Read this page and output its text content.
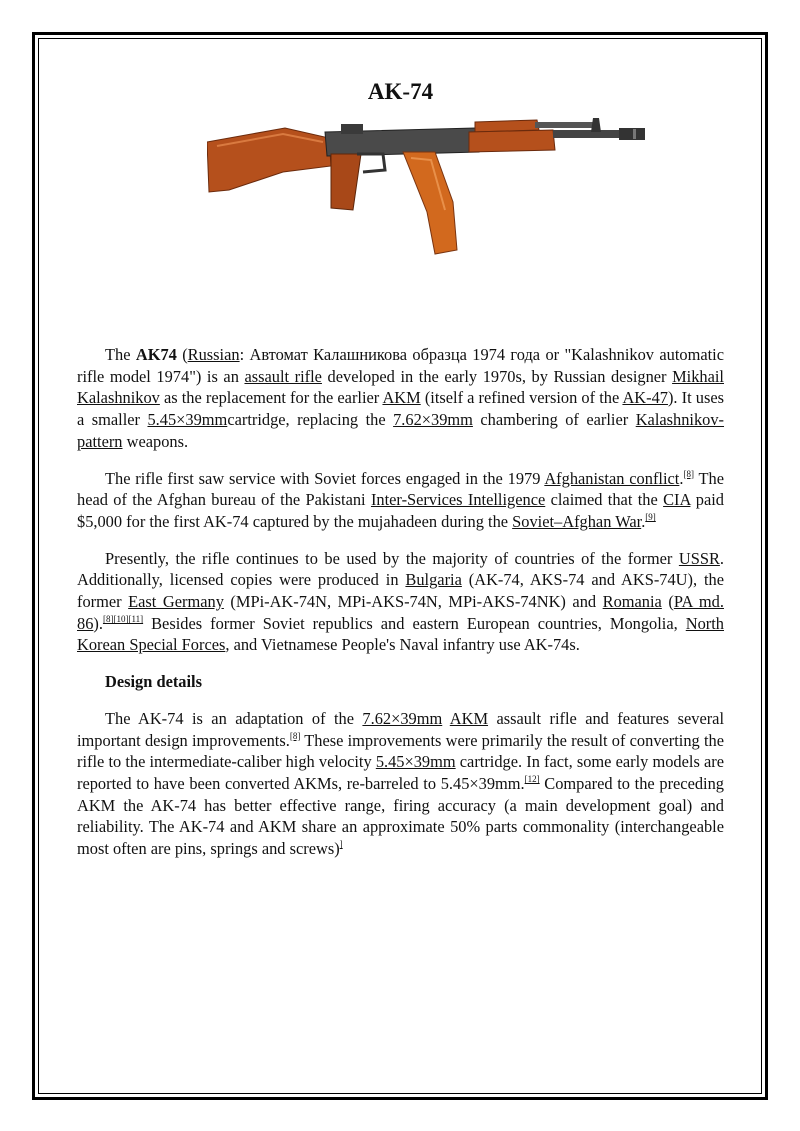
AK-74

The AK74 (Russian: Автомат Калашникова образца 1974 года or "Kalashnikov automatic rifle model 1974") is an assault rifle developed in the early 1970s, by Russian designer Mikhail Kalashnikov as the replacement for the earlier AKM (itself a refined version of the AK-47). It uses a smaller 5.45×39mmcartridge, replacing the 7.62×39mm chambering of earlier Kalashnikov-pattern weapons.

The rifle first saw service with Soviet forces engaged in the 1979 Afghanistan conflict.[8] The head of the Afghan bureau of the Pakistani Inter-Services Intelligence claimed that the CIA paid $5,000 for the first AK-74 captured by the mujahadeen during the Soviet–Afghan War.[9]

Presently, the rifle continues to be used by the majority of countries of the former USSR. Additionally, licensed copies were produced in Bulgaria (AK-74, AKS-74 and AKS-74U), the former East Germany (MPi-AK-74N, MPi-AKS-74N, MPi-AKS-74NK) and Romania (PA md. 86).[8][10][11] Besides former Soviet republics and eastern European countries, Mongolia, North Korean Special Forces, and Vietnamese People's Naval infantry use AK-74s.

Design details

The AK-74 is an adaptation of the 7.62×39mm AKM assault rifle and features several important design improvements.[8] These improvements were primarily the result of converting the rifle to the intermediate-caliber high velocity 5.45×39mm cartridge. In fact, some early models are reported to have been converted AKMs, re-barreled to 5.45×39mm.[12] Compared to the preceding AKM the AK-74 has better effective range, firing accuracy (a main development goal) and reliability. The AK-74 and AKM share an approximate 50% parts commonality (interchangeable most often are pins, springs and screws)]
